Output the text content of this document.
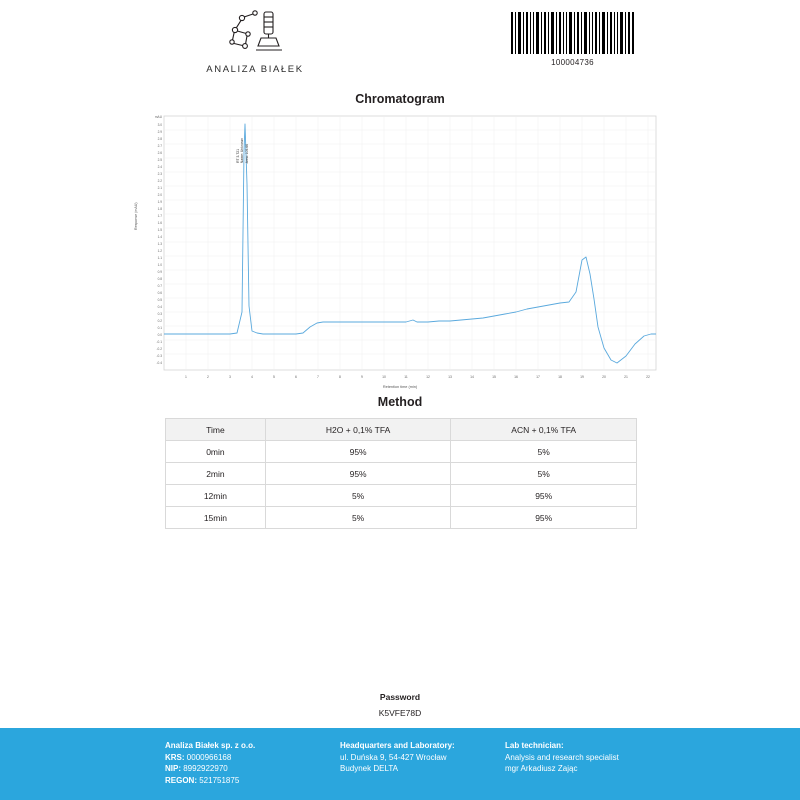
ANALIZA BIAŁEK
100004736
Chromatogram
mAU
3.0
2.9
2.8
2.7
2.6
2.5
2.4
2.3
2.2
2.1
2.0
1.9
1.8
1.7
1.6
1.5
1.4
1.3
1.2
1.1
1.0
0.9
0.8
0.7
0.6
0.5
0.4
0.3
0.2
0.1
0.0
-0.1
-0.2
-0.3
-0.4
1	2	3	4	5	6	7	8	9	10	11	12	13	14	15	16	17	18	19	20	21	22
Response (mAU)
Retention time (min)
RT 3.721Name: UnknownArea: 105.66
Method
Time	H2O + 0,1% TFA	ACN + 0,1% TFA
0min	95%	5%
2min	95%	5%
12min	5%	95%
15min	5%	95%
Password
K5VFE78D
Analiza Białek sp. z o.o.
KRS: 0000966168
NIP: 8992922970
REGON: 521751875
Headquarters and Laboratory:
ul. Duńska 9, 54-427 Wrocław
Budynek DELTA
Lab technician:
Analysis and research specialist
mgr Arkadiusz Zając
